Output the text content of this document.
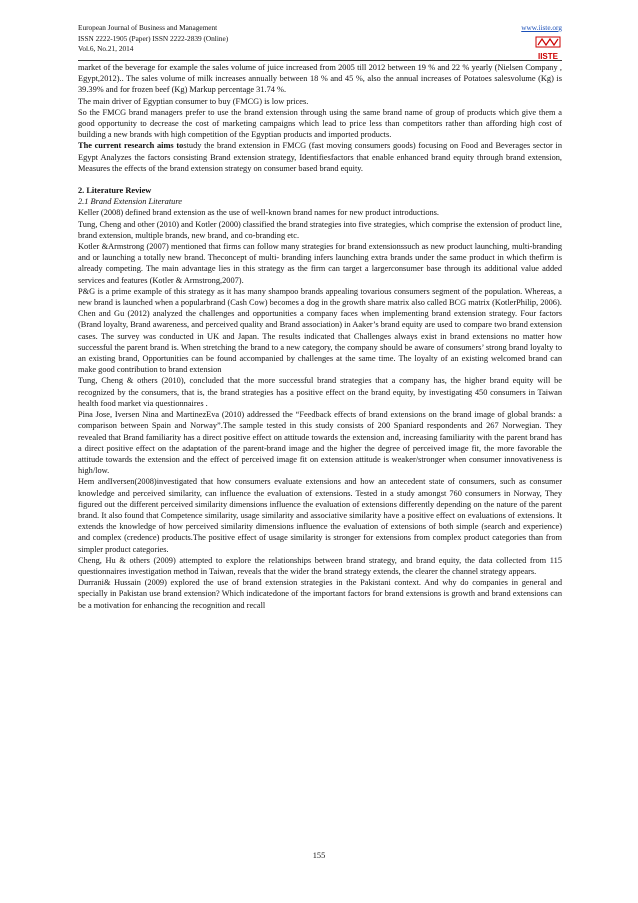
European Journal of Business and Management
ISSN 2222-1905 (Paper) ISSN 2222-2839 (Online)
Vol.6, No.21, 2014
www.iiste.org
IISTE

market of the beverage for example the sales volume of juice increased from 2005 till 2012 between 19 % and 22 % yearly (Nielsen Company , Egypt,2012).. The sales volume of milk increases annually between 18 % and 45 %, also the annual increases of Potatoes salesvolume (Kg) is 39.39% and for frozen beef (Kg) Markup percentage 31.74 %.

The main driver of Egyptian consumer to buy (FMCG) is low prices.

So the FMCG brand managers prefer to use the brand extension through using the same brand name of group of products which give them a good opportunity to decrease the cost of marketing campaigns which lead to price less than competitors rather than affording high cost of building a new brands with high competition of the Egyptian products and imported products.

The current research aims tostudy the brand extension in FMCG (fast moving consumers goods) focusing on Food and Beverages sector in Egypt Analyzes the factors consisting Brand extension strategy, Identifiesfactors that enable enhanced brand equity through brand extension, Measures the effects of the brand extension strategy on consumer based brand equity.

2. Literature Review

2.1 Brand Extension Literature

Keller (2008) defined brand extension as the use of well-known brand names for new product introductions.

Tung, Cheng and other (2010) and Kotler (2000) classified the brand strategies into five strategies, which comprise the extension of product line, brand extension, multiple brands, new brand, and co-branding etc.

Kotler &Armstrong (2007) mentioned that firms can follow many strategies for brand extensionssuch as new product launching, multi-branding and or launching a totally new brand. Theconcept of multi- branding infers launching extra brands under the same product in which thefirm is already competing. The main advantage lies in this strategy as the firm can target a largerconsumer base through its additional value added services and features (Kotler & Armstrong,2007).

P&G is a prime example of this strategy as it has many shampoo brands appealing tovarious consumers segment of the population. Whereas, a new brand is launched when a popularbrand (Cash Cow) becomes a dog in the growth share matrix also called BCG matrix (KotlerPhilip, 2006).

Chen and Gu (2012) analyzed the challenges and opportunities a company faces when implementing brand extension strategy. Four factors (Brand loyalty, Brand awareness, and perceived quality and Brand association) in Aaker’s brand equity are used to compare two brand extension cases. The survey was conducted in UK and Japan. The results indicated that Challenges always exist in brand extensions no matter how successful the parent brand is. When stretching the brand to a new category, the company should be aware of consumers’ strong brand loyalty to an existing brand, Opportunities can be found accompanied by challenges at the same time. The loyalty of an existing welcomed brand can make good contribution to brand extension

Tung, Cheng & others (2010), concluded that the more successful brand strategies that a company has, the higher brand equity will be recognized by the consumers, that is, the brand strategies has a positive effect on the brand equity, by investigating 450 consumers in Taiwan health food market via questionnaires .

Pina Jose, Iversen Nina and MartinezEva (2010) addressed the “Feedback effects of brand extensions on the brand image of global brands: a comparison between Spain and Norway”.The sample tested in this study consists of 200 Spaniard respondents and 267 Norwegian. They revealed that Brand familiarity has a direct positive effect on attitude towards the extension and, increasing familiarity with the parent brand has a direct positive effect on the adaptation of the parent-brand image and the higher the degree of perceived image fit, the more favorable the attitude towards the extension and the effect of perceived image fit on extension attitude is weaker/stronger when consumer innovativeness is high/low.

Hem andIversen(2008)investigated that how consumers evaluate extensions and how an antecedent state of consumers, such as consumer knowledge and perceived similarity, can influence the evaluation of extensions. Tested in a study amongst 760 consumers in Norway, They figured out the different perceived similarity dimensions influence the evaluation of extensions differently depending on the nature of the parent brand. It also found that Competence similarity, usage similarity and associative similarity have a positive effect on evaluations of extensions. It extends the knowledge of how perceived similarity dimensions influence the evaluation of extensions of both simple (search and experience) and complex (credence) products.The positive effect of usage similarity is stronger for extensions from complex product categories than from simpler product categories.

Cheng, Hu & others (2009) attempted to explore the relationships between brand strategy, and brand equity, the data collected from 115 questionnaires investigation method in Taiwan, reveals that the wider the brand strategy extends, the clearer the channel strategy appears.

Durrani& Hussain (2009) explored the use of brand extension strategies in the Pakistani context. And why do companies in general and specially in Pakistan use brand extension? Which indicatedone of the important factors for brand extensions is growth and brand extensions can be a motivation for enhancing the recognition and recall

155
